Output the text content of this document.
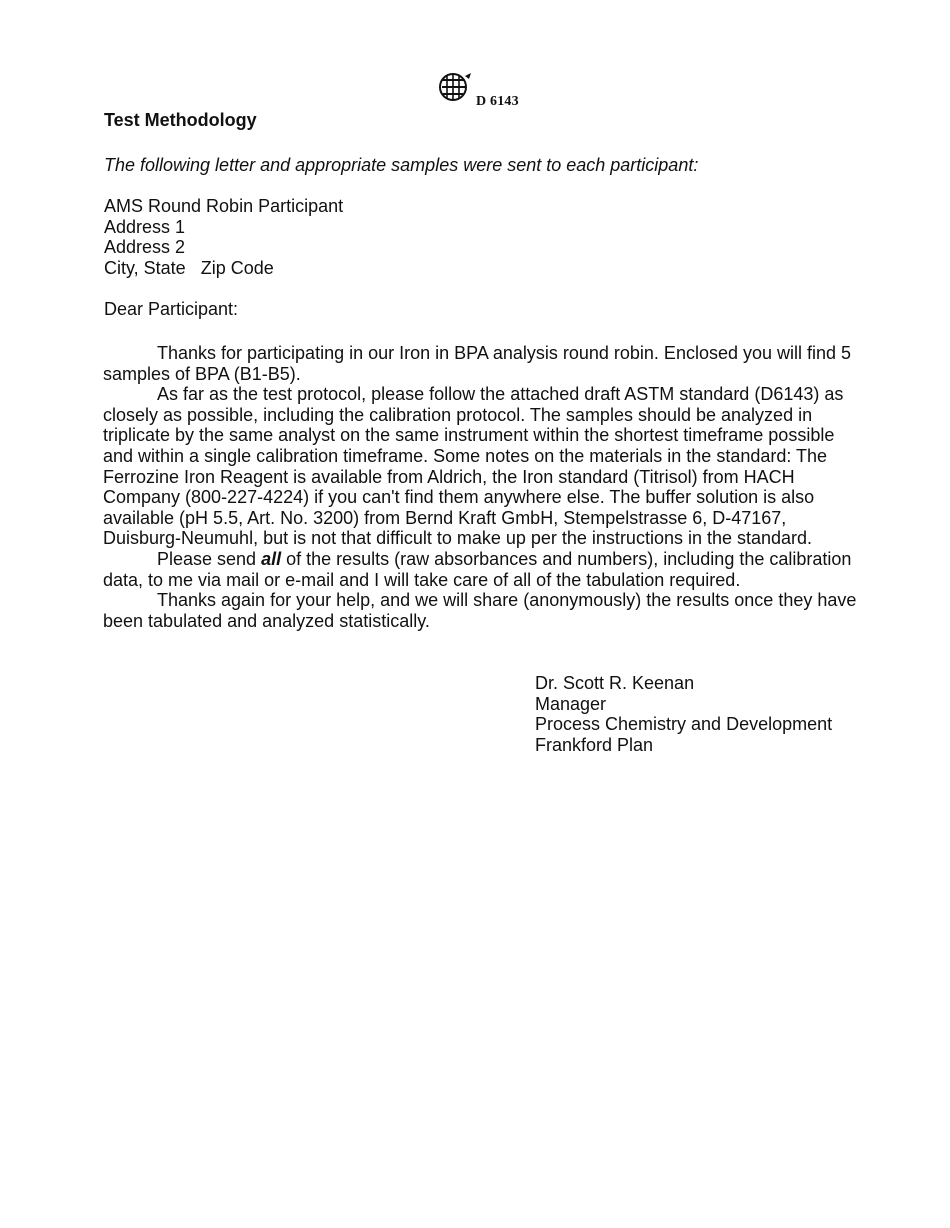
D 6143
Test Methodology
The following letter and appropriate samples were sent to each participant:
AMS Round Robin Participant
Address 1
Address 2
City, State   Zip Code
Dear Participant:

Thanks for participating in our Iron in BPA analysis round robin. Enclosed you will find 5 samples of BPA (B1-B5).

As far as the test protocol, please follow the attached draft ASTM standard (D6143) as closely as possible, including the calibration protocol. The samples should be analyzed in triplicate by the same analyst on the same instrument within the shortest timeframe possible and within a single calibration timeframe. Some notes on the materials in the standard: The Ferrozine Iron Reagent is available from Aldrich, the Iron standard (Titrisol) from HACH Company (800-227-4224) if you can't find them anywhere else. The buffer solution is also available (pH 5.5, Art. No. 3200) from Bernd Kraft GmbH, Stempelstrasse 6, D-47167, Duisburg-Neumuhl, but is not that difficult to make up per the instructions in the standard.

Please send all of the results (raw absorbances and numbers), including the calibration data, to me via mail or e-mail and I will take care of all of the tabulation required.

Thanks again for your help, and we will share (anonymously) the results once they have been tabulated and analyzed statistically.

Dr. Scott R. Keenan
Manager
Process Chemistry and Development
Frankford Plan
